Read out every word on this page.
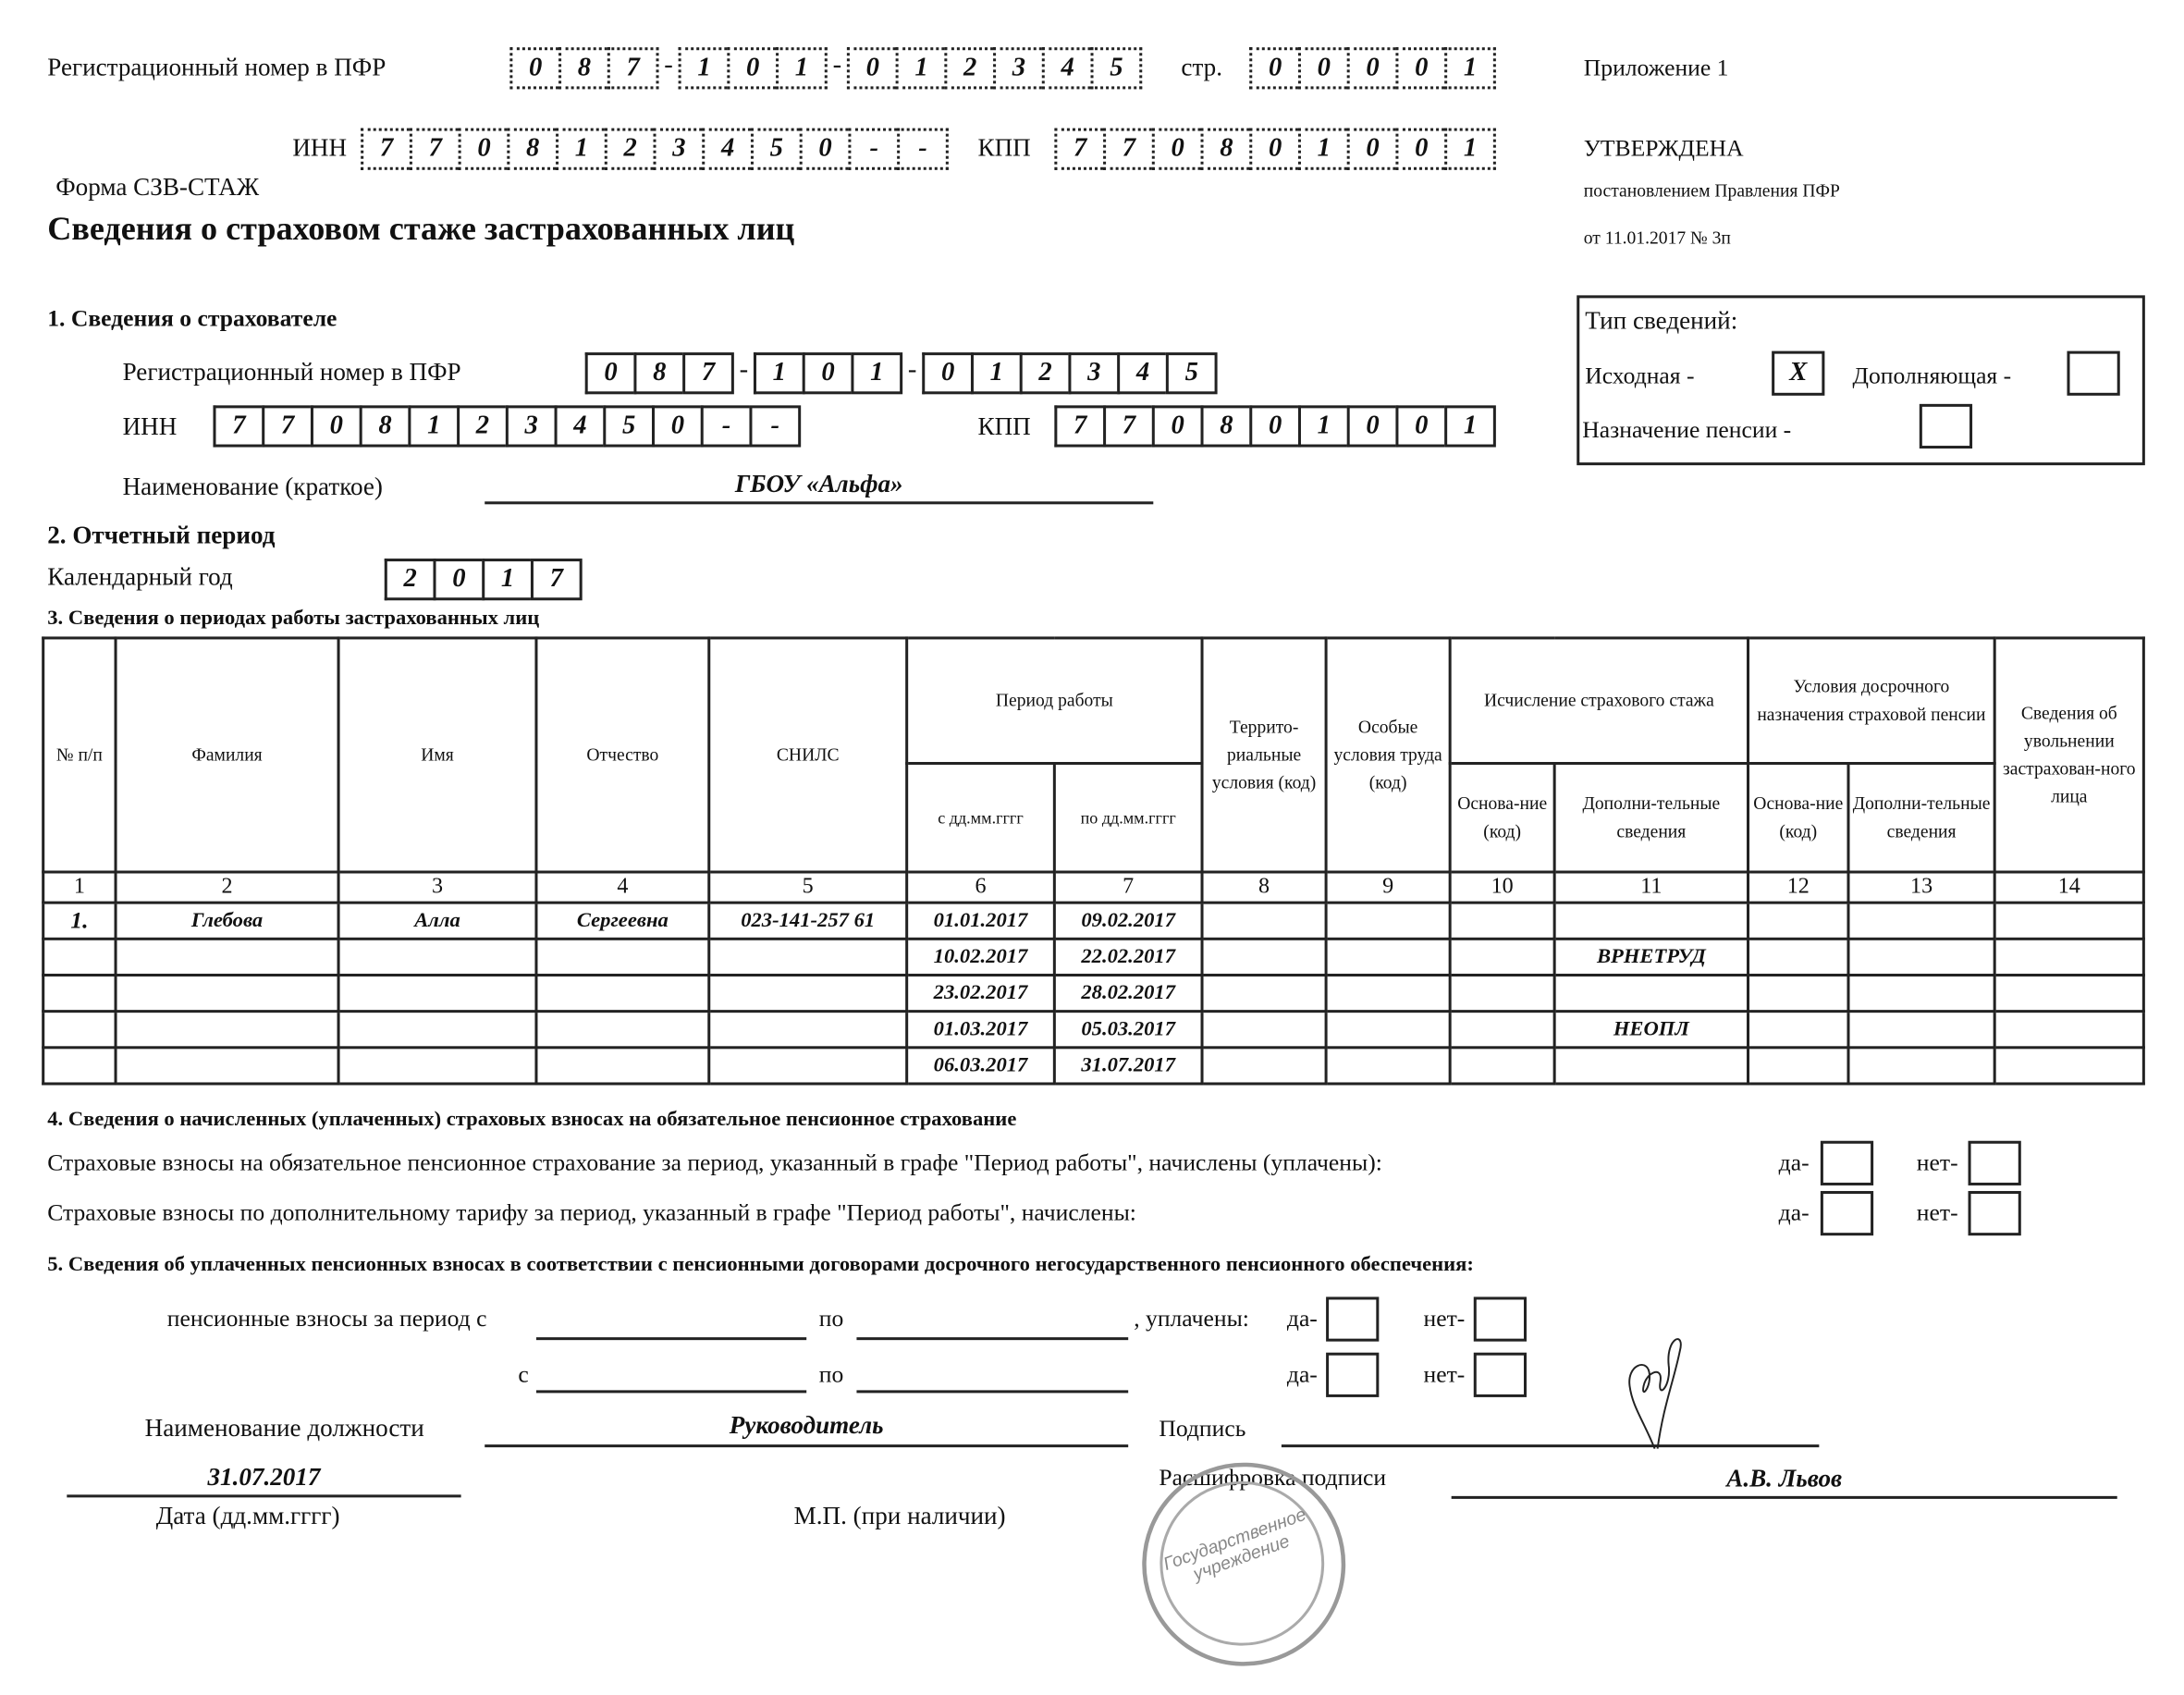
Регистрационный номер в ПФР	0	8	7	-	1	0	1	-	0	1	2	3	4	5	стр.	0	0	0	0	1	Приложение 1
ИНН	7	7	0	8	1	2	3	4	5	0	-	-	КПП	7	7	0	8	0	1	0	0	1	УТВЕРЖДЕНА
постановлением Правления ПФР
от 11.01.2017 № 3п
Форма СЗВ-СТАЖ
Сведения о страховом стаже застрахованных лиц
1. Сведения о страхователе
Регистрационный номер в ПФР	0	8	7	-	1	0	1	-	0	1	2	3	4	5
ИНН	7	7	0	8	1	2	3	4	5	0	-	-	КПП	7	7	0	8	0	1	0	0	1
Наименование (краткое)	ГБОУ «Альфа»
Тип сведений:
Исходная -	X	Дополняющая -
Назначение пенсии -
2. Отчетный период
Календарный год	2	0	1	7
3. Сведения о периодах работы застрахованных лиц
№ п/п	Фамилия	Имя	Отчество	СНИЛС	Период работы		Террито-риальные условия (код)	Особые условия труда (код)	Исчисление страхового стажа		Условия досрочного назначения страховой пенсии		Сведения об увольнении застрахован-ного лица
					с дд.мм.гггг	по дд.мм.гггг			Основа-ние (код)	Дополни-тельные сведения	Основа-ние (код)	Дополни-тельные сведения	
1	2	3	4	5	6	7	8	9	10	11	12	13	14
1.	Глебова	Алла	Сергеевна	023-141-257 61	01.01.2017	09.02.2017							
					10.02.2017	22.02.2017				ВРНЕТРУД			
					23.02.2017	28.02.2017							
					01.03.2017	05.03.2017				НЕОПЛ			
					06.03.2017	31.07.2017							
4. Сведения о начисленных (уплаченных) страховых взносах на обязательное пенсионное страхование
Страховые взносы на обязательное пенсионное страхование за период, указанный в графе "Период работы", начислены (уплачены):	да-	нет-
Страховые взносы по дополнительному тарифу за период, указанный в графе "Период работы", начислены:	да-	нет-
5. Сведения об уплаченных пенсионных взносах в соответствии с пенсионными договорами досрочного негосударственного пенсионного обеспечения:
пенсионные взносы за период с	по	, уплачены: да-	нет-
с	по	да-	нет-
Наименование должности	Руководитель	Подпись
Расшифровка подписи	А.В. Львов
31.07.2017
Дата (дд.мм.гггг)	М.П. (при наличии)	Государственное учреждение
